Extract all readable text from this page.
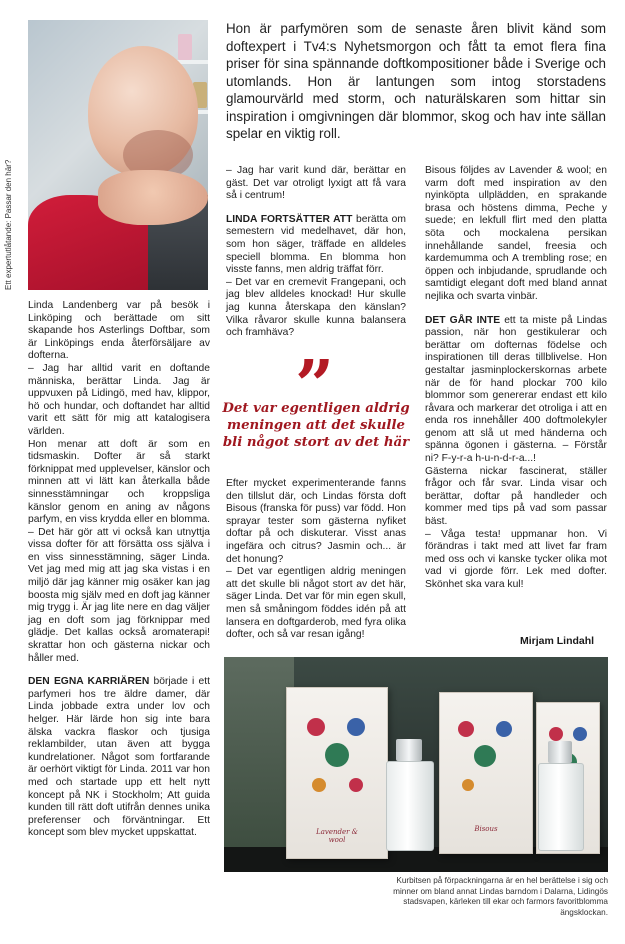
Ett expertutlåtande: Passar den här?
Hon är parfymören som de senaste åren blivit känd som doftexpert i Tv4:s Nyhetsmorgon och fått ta emot flera fina priser för sina spännande doftkompositioner både i Sverige och utomlands. Hon är lantungen som intog storstadens glamourvärld med storm, och naturälskaren som hittar sin inspiration i omgivningen där blommor, skog och hav inte sällan spelar en viktig roll.

Linda Landenberg var på besök i Linköping och berättade om sitt skapande hos Asterlings Doftbar, som är Linköpings enda återförsäljare av dofterna.

– Jag har alltid varit en doftande människa, berättar Linda. Jag är uppvuxen på Lidingö, med hav, klippor, hö och hundar, och doftandet har alltid varit ett sätt för mig att katalogisera världen.

Hon menar att doft är som en tidsmaskin. Dofter är så starkt förknippat med upplevelser, känslor och minnen att vi lätt kan återkalla både sinnesstämningar och kroppsliga känslor genom en aning av någons parfym, en viss krydda eller en blomma.

– Det här gör att vi också kan utnyttja vissa dofter för att försätta oss själva i en viss sinnesstämning, säger Linda. Vet jag med mig att jag ska vistas i en miljö där jag känner mig osäker kan jag boosta mig själv med en doft jag känner mig trygg i. Är jag lite nere en dag väljer jag en doft som jag förknippar med glädje. Det kallas också aromaterapi! skrattar hon och gästerna nickar och håller med.

DEN EGNA KARRIÄREN började i ett parfymeri hos tre äldre damer, där Linda jobbade extra under lov och helger. Här lärde hon sig inte bara älska vackra flaskor och tjusiga reklambilder, utan även att bygga kundrelationer. Något som fortfarande är oerhört viktigt för Linda. 2011 var hon med och startade upp ett helt nytt koncept på NK i Stockholm; Att guida kunden till rätt doft utifrån dennes unika preferenser och förväntningar. Ett koncept som blev mycket uppskattat.

– Jag har varit kund där, berättar en gäst. Det var otroligt lyxigt att få vara så i centrum!

LINDA FORTSÄTTER ATT berätta om semestern vid medelhavet, där hon, som hon säger, träffade en alldeles speciell blomma. En blomma hon visste fanns, men aldrig träffat förr.

– Det var en cremevit Frangepani, och jag blev alldeles knockad! Hur skulle jag kunna återskapa den känslan? Vilka råvaror skulle kunna balansera och framhäva?

”
Det var egentligen aldrig meningen att det skulle bli något stort av det här

Efter mycket experimenterande fanns den tillslut där, och Lindas första doft Bisous (franska för puss) var född. Hon sprayar tester som gästerna nyfiket doftar på och diskuterar. Visst anas ingefära och citrus? Jasmin och... är det honung?

– Det var egentligen aldrig meningen att det skulle bli något stort av det här, säger Linda. Det var för min egen skull, men så småningom föddes idén på att lansera en doftgarderob, med fyra olika dofter, och så var resan igång!

Bisous följdes av Lavender & wool; en varm doft med inspiration av den nyinköpta ullplädden, en sprakande brasa och höstens dimma, Peche y suede; en lekfull flirt med den platta söta och mockalena persikan innehållande sandel, freesia och kardemumma och A trembling rose; en öppen och inbjudande, sprudlande och samtidigt elegant doft med bland annat nejlika och svarta vinbär.

DET GÅR INTE ett ta miste på Lindas passion, när hon gestikulerar och berättar om dofternas födelse och inspirationen till deras tillblivelse. Hon gestaltar jasminplockerskornas arbete när de för hand plockar 700 kilo blommor som genererar endast ett kilo råvara och markerar det otroliga i att en enda ros innehåller 400 doftmolekyler genom att slå ut med händerna och spänna ögonen i gästerna. – Förstår ni? F-y-r-a h-u-n-d-r-a...!

Gästerna nickar fascinerat, ställer frågor och får svar. Linda visar och berättar, doftar på handleder och kommer med tips på vad som passar bäst.

– Våga testa! uppmanar hon. Vi förändras i takt med att livet far fram med oss och vi kanske tycker olika mot vad vi gjorde förr. Lek med dofter. Skönhet ska vara kul!

Mirjam Lindahl
Lavender & wool
Bisous
Kurbitsen på förpackningarna är en hel berättelse i sig och minner om bland annat Lindas barndom i Dalarna, Lidingös stadsvapen, kärleken till ekar och farmors favoritblomma ängsklockan.
